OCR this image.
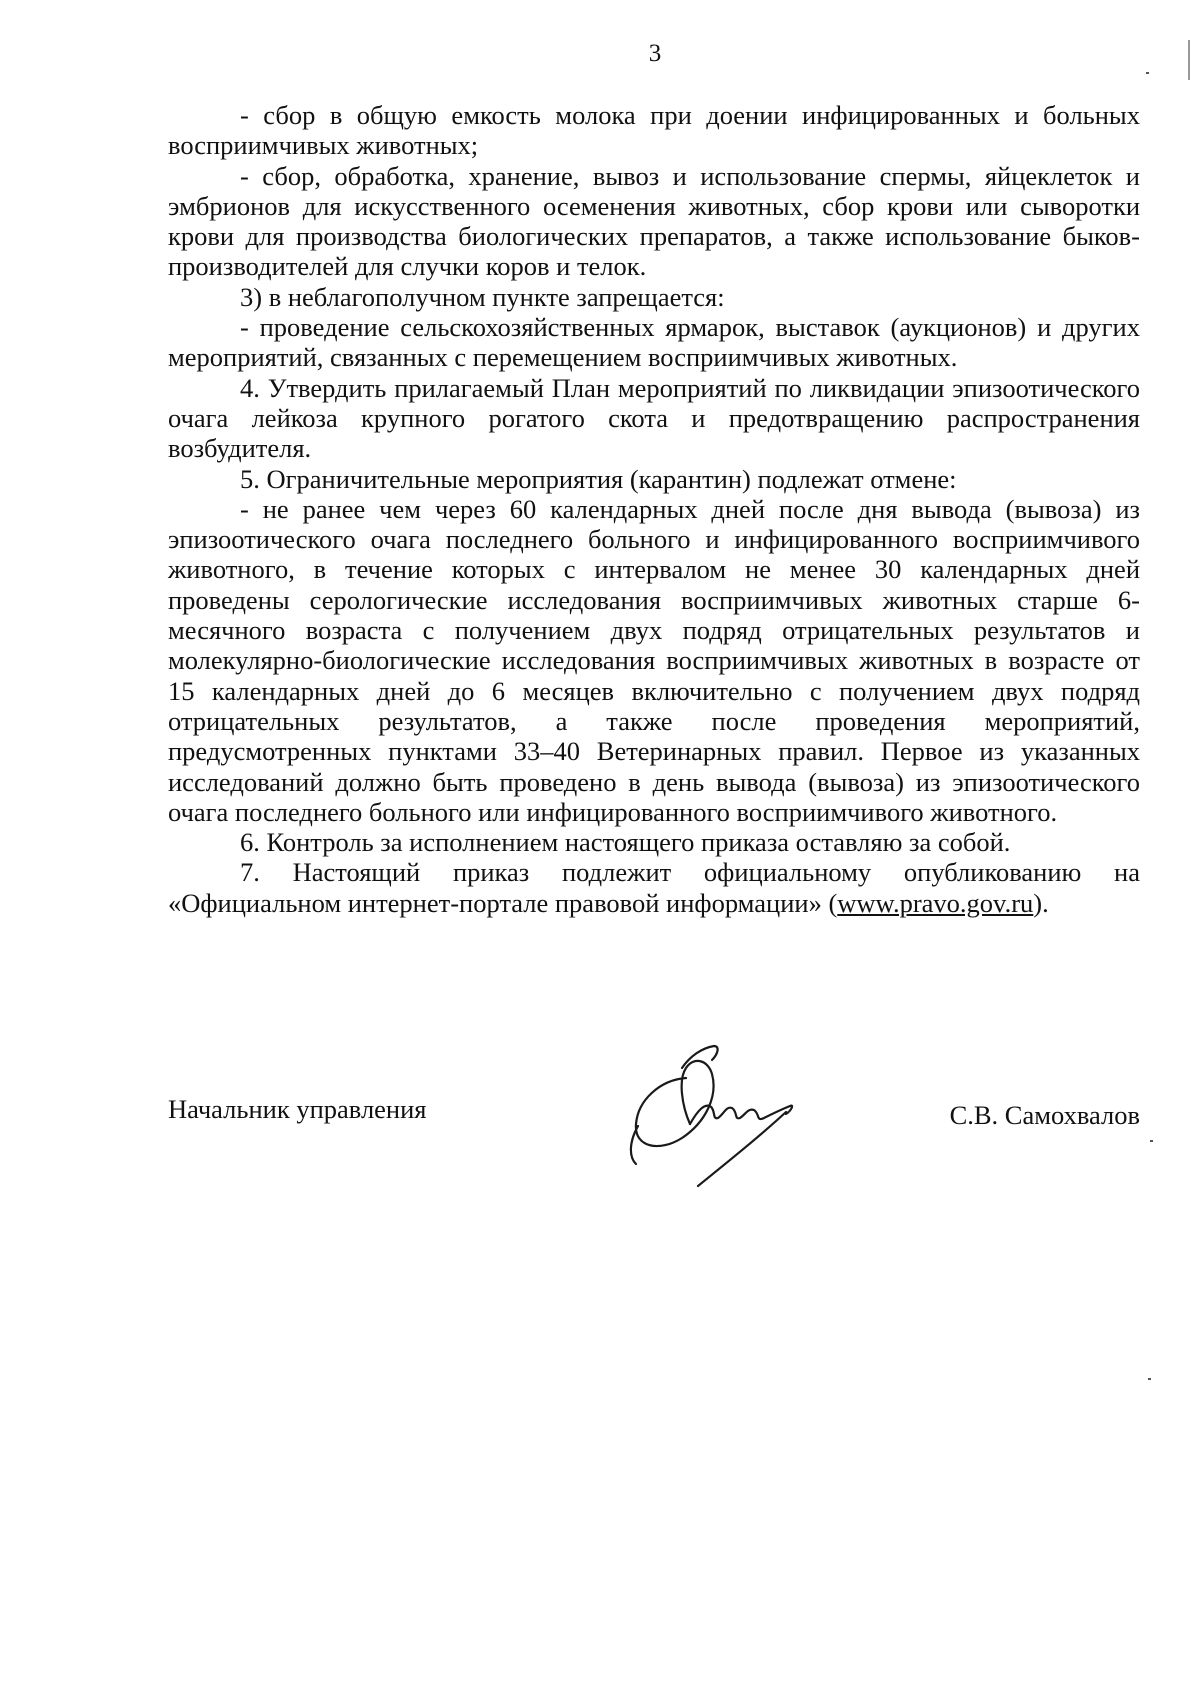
3

- сбор в общую емкость молока при доении инфицированных и больных восприимчивых животных;

- сбор, обработка, хранение, вывоз и использование спермы, яйцеклеток и эмбрионов для искусственного осеменения животных, сбор крови или сыворотки крови для производства биологических препаратов, а также использование быков-производителей для случки коров и телок.

3) в неблагополучном пункте запрещается:

- проведение сельскохозяйственных ярмарок, выставок (аукционов) и других мероприятий, связанных с перемещением восприимчивых животных.

4. Утвердить прилагаемый План мероприятий по ликвидации эпизоотического очага лейкоза крупного рогатого скота и предотвращению распространения возбудителя.

5. Ограничительные мероприятия (карантин) подлежат отмене:

- не ранее чем через 60 календарных дней после дня вывода (вывоза) из эпизоотического очага последнего больного и инфицированного восприимчивого животного, в течение которых с интервалом не менее 30 календарных дней проведены серологические исследования восприимчивых животных старше 6-месячного возраста с получением двух подряд отрицательных результатов и молекулярно-биологические исследования восприимчивых животных в возрасте от 15 календарных дней до 6 месяцев включительно с получением двух подряд отрицательных результатов, а также после проведения мероприятий, предусмотренных пунктами 33–40 Ветеринарных правил. Первое из указанных исследований должно быть проведено в день вывода (вывоза) из эпизоотического очага последнего больного или инфицированного восприимчивого животного.

6. Контроль за исполнением настоящего приказа оставляю за собой.

7. Настоящий приказ подлежит официальному опубликованию на «Официальном интернет-портале правовой информации» (www.pravo.gov.ru).

Начальник управления	С.В. Самохвалов
